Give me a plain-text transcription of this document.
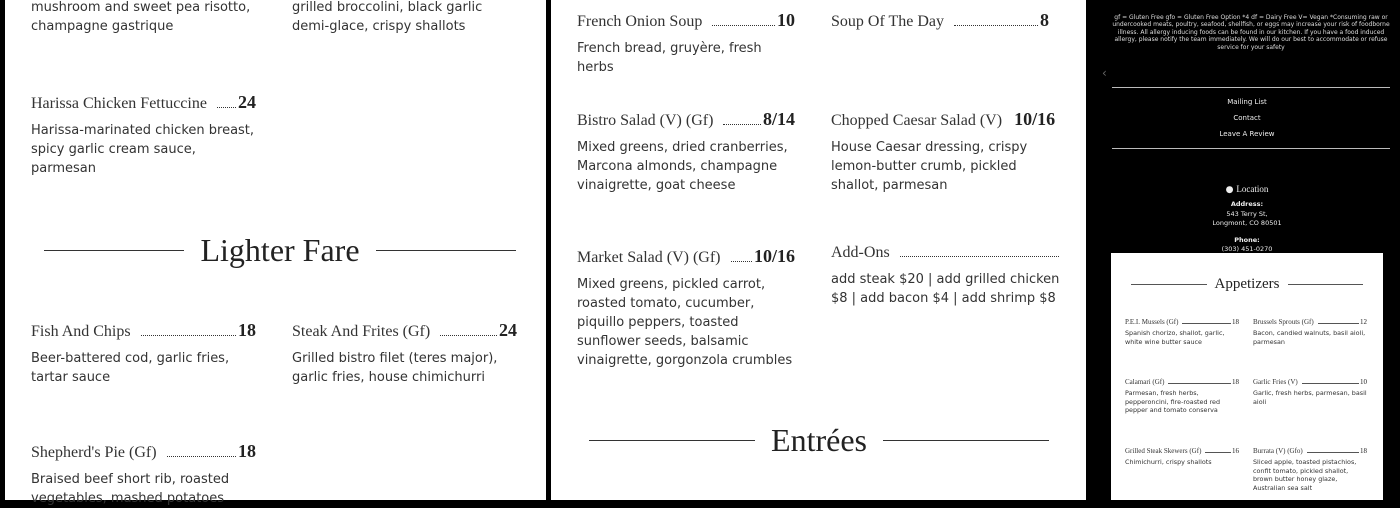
mushroom and sweet pea risotto, champagne gastrique
grilled broccolini, black garlic demi-glace, crispy shallots
Harissa Chicken Fettuccine 24
Harissa-marinated chicken breast, spicy garlic cream sauce, parmesan
Lighter Fare
Fish And Chips	18
Beer-battered cod, garlic fries, tartar sauce
Steak And Frites (Gf)	24
Grilled bistro filet (teres major), garlic fries, house chimichurri
Shepherd's Pie (Gf)	18
Braised beef short rib, roasted vegetables, mashed potatoes
French Onion Soup	10
French bread, gruyère, fresh herbs
Soup Of The Day	8
Bistro Salad (V) (Gf)	8/14
Mixed greens, dried cranberries, Marcona almonds, champagne vinaigrette, goat cheese
Chopped Caesar Salad (V) 10/16
House Caesar dressing, crispy lemon-butter crumb, pickled shallot, parmesan
Market Salad (V) (Gf) 10/16
Mixed greens, pickled carrot, roasted tomato, cucumber, piquillo peppers, toasted sunflower seeds, balsamic vinaigrette, gorgonzola crumbles
Add-Ons
add steak $20 | add grilled chicken $8 | add bacon $4 | add shrimp $8
Entrées
gf = Gluten Free gfo = Gluten Free Option *4 df = Dairy Free V= Vegan *Consuming raw or undercooked meats, poultry, seafood, shellfish, or eggs may increase your risk of foodborne illness. All allergy inducing foods can be found in our kitchen. If you have a food induced allergy, please notify the team immediately. We will do our best to accommodate or refuse service for your safety
‹
Mailing List
Contact
Leave A Review
● Location
Address:
543 Terry St,
Longmont, CO 80501
Phone:
(303) 451-0270
Appetizers
P.E.I. Mussels (Gf)	18
Spanish chorizo, shallot, garlic, white wine butter sauce
Brussels Sprouts (Gf)	12
Bacon, candied walnuts, basil aioli, parmesan
Calamari (Gf)	18
Parmesan, fresh herbs, pepperoncini, fire-roasted red pepper and tomato conserva
Garlic Fries (V)	10
Garlic, fresh herbs, parmesan, basil aioli
Grilled Steak Skewers (Gf)	16
Chimichurri, crispy shallots
Burrata (V) (Gfo)	18
Sliced apple, toasted pistachios, confit tomato, pickled shallot, brown butter honey glaze, Australian sea salt
